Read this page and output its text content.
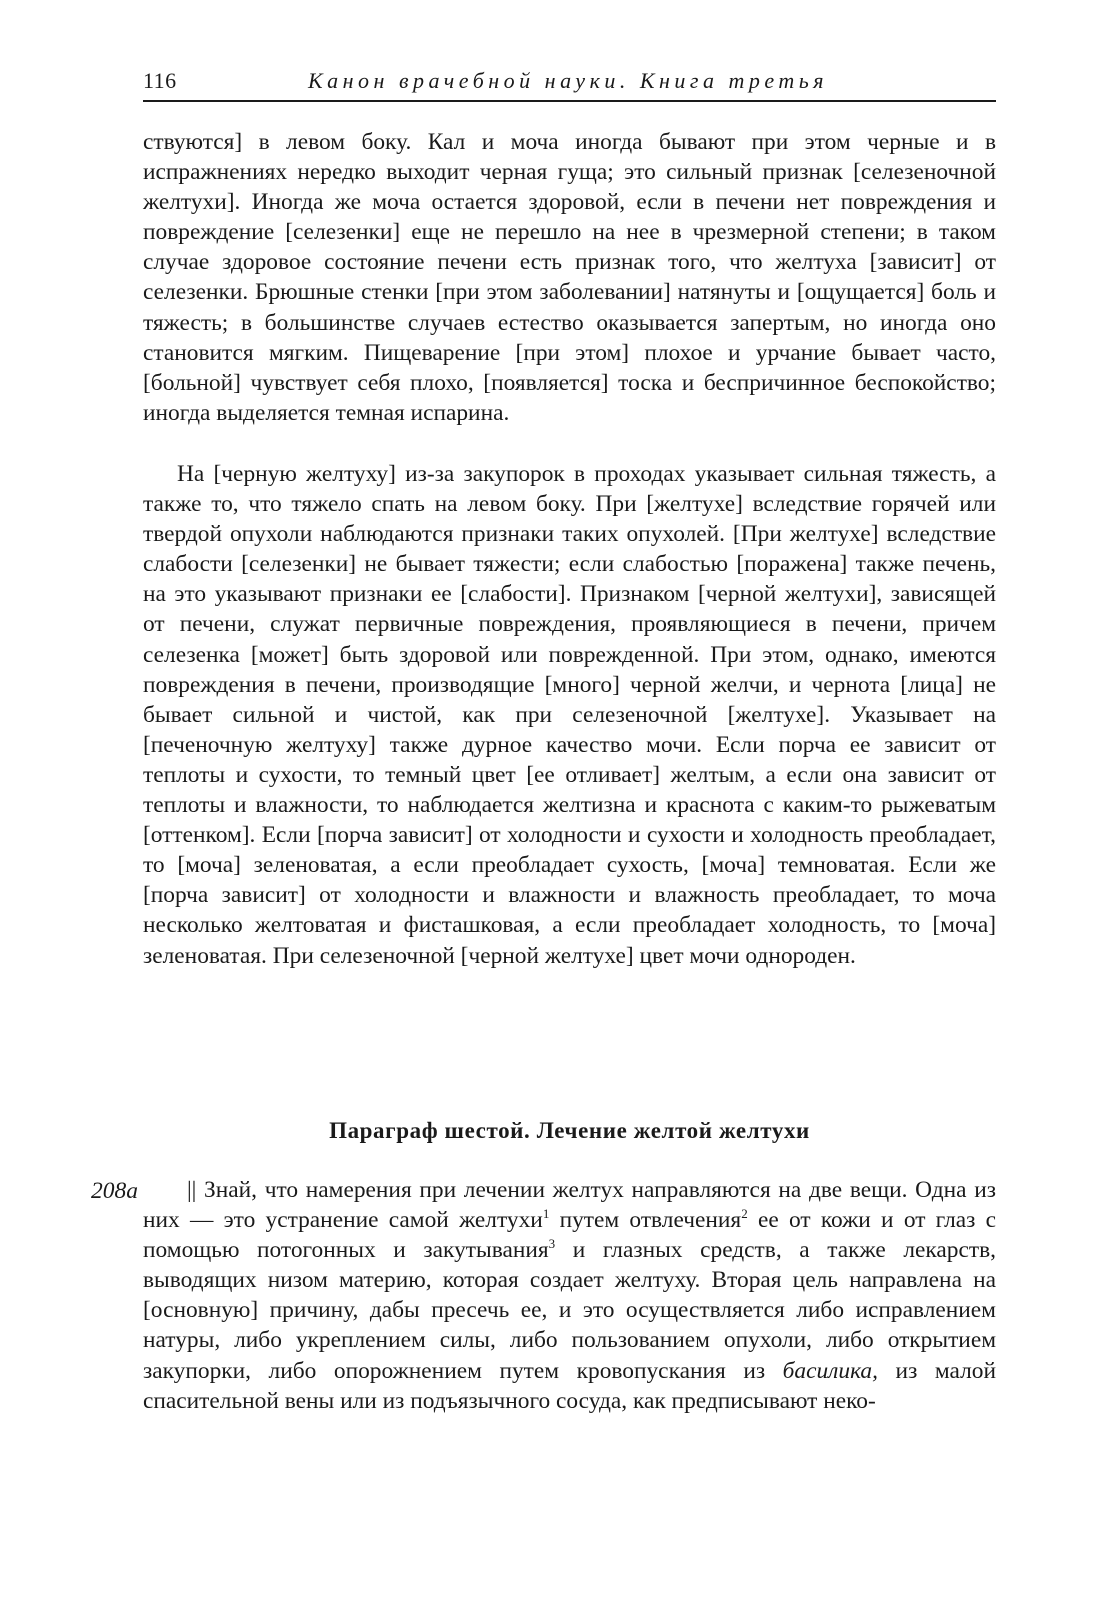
116	Канон врачебной науки. Книга третья

ствуются] в левом боку. Кал и моча иногда бывают при этом черные и в испражнениях нередко выходит черная гуща; это сильный признак [селезеночной желтухи]. Иногда же моча остается здоровой, если в печени нет повреждения и повреждение [селезенки] еще не перешло на нее в чрезмерной степени; в таком случае здоровое состояние печени есть признак того, что желтуха [зависит] от селезенки. Брюшные стенки [при этом заболевании] натянуты и [ощущается] боль и тяжесть; в большинстве случаев естество оказывается запертым, но иногда оно становится мягким. Пищеварение [при этом] плохое и урчание бывает часто, [больной] чувствует себя плохо, [появляется] тоска и беспричинное беспокойство; иногда выделяется темная испарина.

На [черную желтуху] из-за закупорок в проходах указывает сильная тяжесть, а также то, что тяжело спать на левом боку. При [желтухе] вследствие горячей или твердой опухоли наблюдаются признаки таких опухолей. [При желтухе] вследствие слабости [селезенки] не бывает тяжести; если слабостью [поражена] также печень, на это указывают признаки ее [слабости]. Признаком [черной желтухи], зависящей от печени, служат первичные повреждения, проявляющиеся в печени, причем селезенка [может] быть здоровой или поврежденной. При этом, однако, имеются повреждения в печени, производящие [много] черной желчи, и чернота [лица] не бывает сильной и чистой, как при селезеночной [желтухе]. Указывает на [печеночную желтуху] также дурное качество мочи. Если порча ее зависит от теплоты и сухости, то темный цвет [ее отливает] желтым, а если она зависит от теплоты и влажности, то наблюдается желтизна и краснота с каким-то рыжеватым [оттенком]. Если [порча зависит] от холодности и сухости и холодность преобладает, то [моча] зеленоватая, а если преобладает сухость, [моча] темноватая. Если же [порча зависит] от холодности и влажности и влажность преобладает, то моча несколько желтоватая и фисташковая, а если преобладает холодность, то [моча] зеленоватая. При селезеночной [черной желтухе] цвет мочи однороден.

Параграф шестой. Лечение желтой желтухи
208a	|| Знай, что намерения при лечении желтух направляются на две вещи. Одна из них — это устранение самой желтухи$^1$ путем отвлечения$^2$ ее от кожи и от глаз с помощью потогонных и закутывания$^3$ и глазных средств, а также лекарств, выводящих низом материю, которая создает желтуху. Вторая цель направлена на [основную] причину, дабы пресечь ее, и это осуществляется либо исправлением натуры, либо укреплением силы, либо пользованием опухоли, либо открытием закупорки, либо опорожнением путем кровопускания из басилика, из малой спасительной вены или из подъязычного сосуда, как предписывают неко-
